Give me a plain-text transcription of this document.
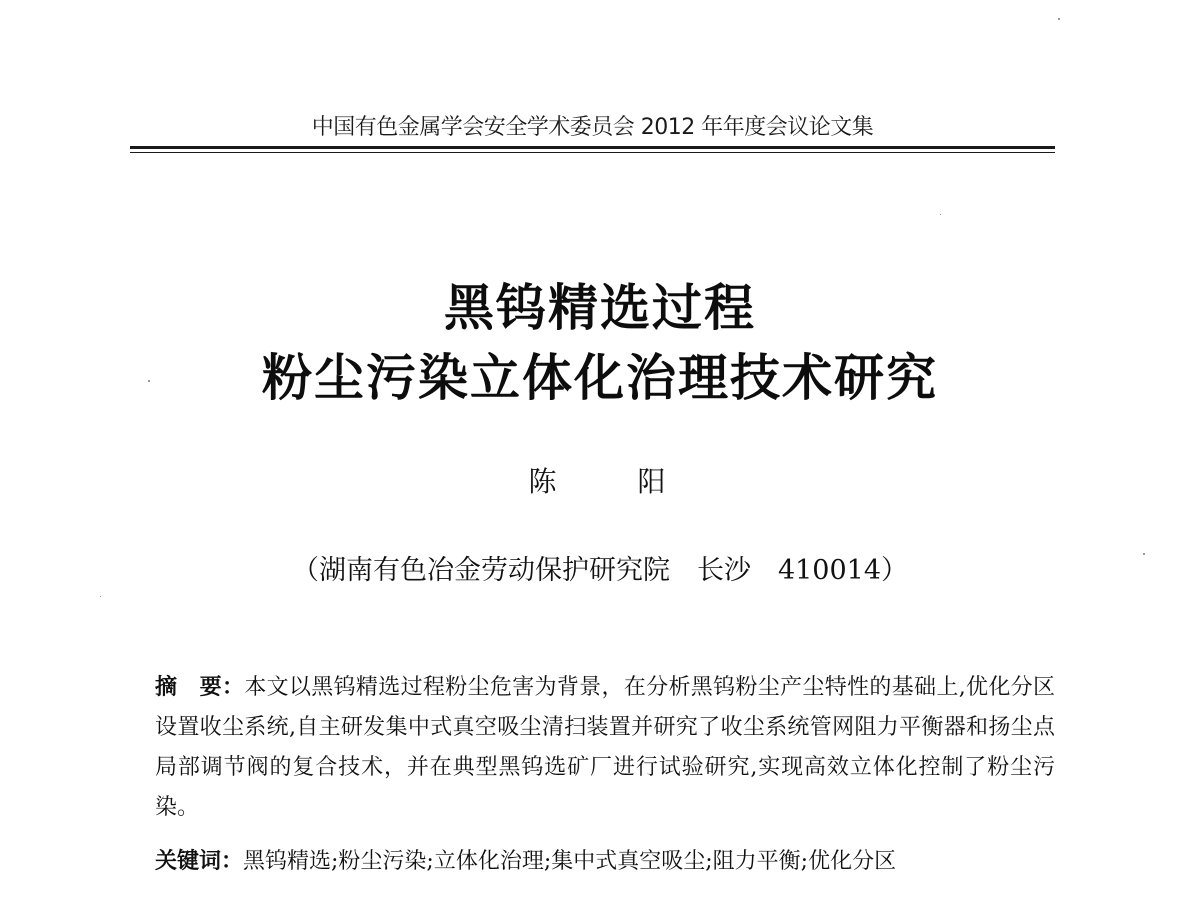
中国有色金属学会安全学术委员会 2012 年年度会议论文集
黑钨精选过程
粉尘污染立体化治理技术研究
陈 阳
（湖南有色冶金劳动保护研究院　长沙　410014）
摘　要：本文以黑钨精选过程粉尘危害为背景，在分析黑钨粉尘产尘特性的基础上,优化分区设置收尘系统,自主研发集中式真空吸尘清扫装置并研究了收尘系统管网阻力平衡器和扬尘点局部调节阀的复合技术，并在典型黑钨选矿厂进行试验研究,实现高效立体化控制了粉尘污染。
关键词：黑钨精选;粉尘污染;立体化治理;集中式真空吸尘;阻力平衡;优化分区
